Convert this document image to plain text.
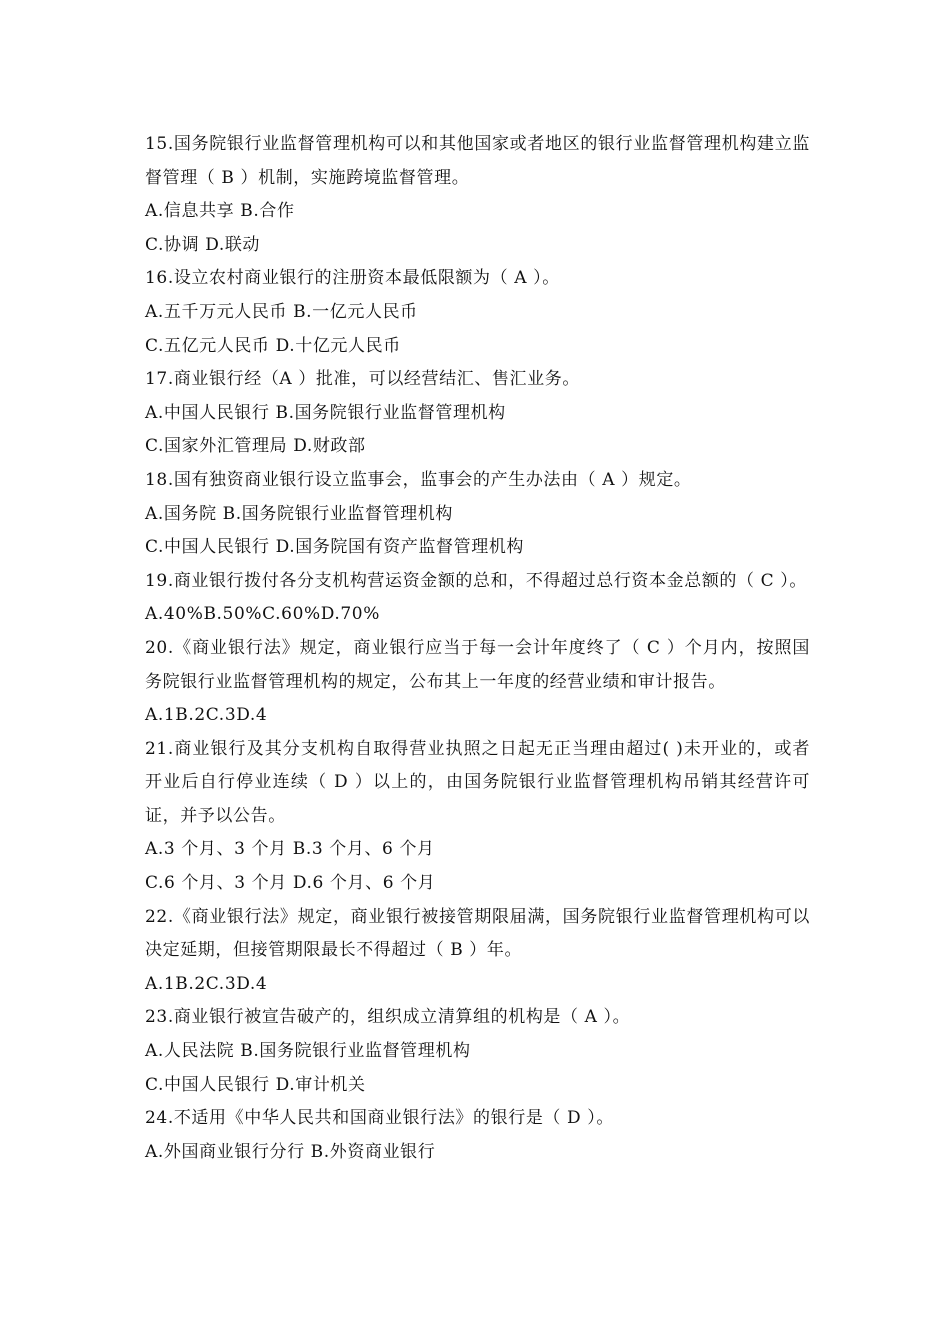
15.国务院银行业监督管理机构可以和其他国家或者地区的银行业监督管理机构建立监督管理（ B ）机制，实施跨境监督管理。
A.信息共享 B.合作
C.协调 D.联动
16.设立农村商业银行的注册资本最低限额为（ A ）。
A.五千万元人民币 B.一亿元人民币
C.五亿元人民币 D.十亿元人民币
17.商业银行经（A ）批准，可以经营结汇、售汇业务。
A.中国人民银行 B.国务院银行业监督管理机构
C.国家外汇管理局 D.财政部
18.国有独资商业银行设立监事会，监事会的产生办法由（ A ）规定。
A.国务院 B.国务院银行业监督管理机构
C.中国人民银行 D.国务院国有资产监督管理机构
19.商业银行拨付各分支机构营运资金额的总和，不得超过总行资本金总额的（ C ）。
A.40%B.50%C.60%D.70%
20.《商业银行法》规定，商业银行应当于每一会计年度终了（ C ）个月内，按照国务院银行业监督管理机构的规定，公布其上一年度的经营业绩和审计报告。
A.1B.2C.3D.4
21.商业银行及其分支机构自取得营业执照之日起无正当理由超过( )未开业的，或者开业后自行停业连续（ D ）以上的，由国务院银行业监督管理机构吊销其经营许可证，并予以公告。
A.3 个月、3 个月 B.3 个月、6 个月
C.6 个月、3 个月 D.6 个月、6 个月
22.《商业银行法》规定，商业银行被接管期限届满，国务院银行业监督管理机构可以决定延期，但接管期限最长不得超过（ B ）年。
A.1B.2C.3D.4
23.商业银行被宣告破产的，组织成立清算组的机构是（ A ）。
A.人民法院 B.国务院银行业监督管理机构
C.中国人民银行 D.审计机关
24.不适用《中华人民共和国商业银行法》的银行是（ D ）。
A.外国商业银行分行 B.外资商业银行
